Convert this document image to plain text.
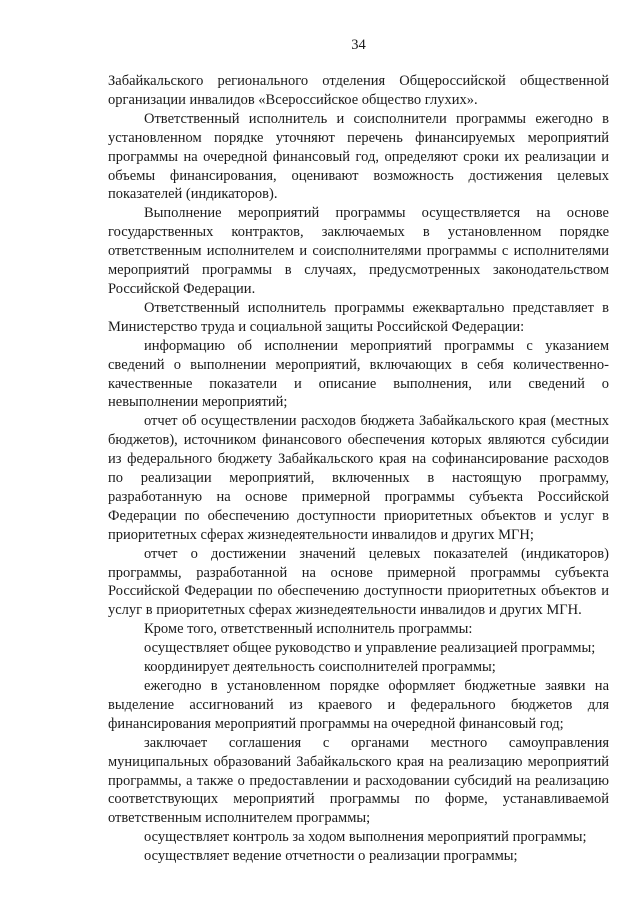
34

Забайкальского регионального отделения Общероссийской общественной организации инвалидов «Всероссийское общество глухих».

Ответственный исполнитель и соисполнители программы ежегодно в установленном порядке уточняют перечень финансируемых мероприятий программы на очередной финансовый год, определяют сроки их реализации и объемы финансирования, оценивают возможность достижения целевых показателей (индикаторов).

Выполнение мероприятий программы осуществляется на основе государственных контрактов, заключаемых в установленном порядке ответственным исполнителем и соисполнителями программы с исполнителями мероприятий программы в случаях, предусмотренных законодательством Российской Федерации.

Ответственный исполнитель программы ежеквартально представляет в Министерство труда и социальной защиты Российской Федерации:

информацию об исполнении мероприятий программы с указанием сведений о выполнении мероприятий, включающих в себя количественно-качественные показатели и описание выполнения, или сведений о невыполнении мероприятий;

отчет об осуществлении расходов бюджета Забайкальского края (местных бюджетов), источником финансового обеспечения которых являются субсидии из федерального бюджету Забайкальского края на софинансирование расходов по реализации мероприятий, включенных в настоящую программу, разработанную на основе примерной программы субъекта Российской Федерации по обеспечению доступности приоритетных объектов и услуг в приоритетных сферах жизнедеятельности инвалидов и других МГН;

отчет о достижении значений целевых показателей (индикаторов) программы, разработанной на основе примерной программы субъекта Российской Федерации по обеспечению доступности приоритетных объектов и услуг в приоритетных сферах жизнедеятельности инвалидов и других МГН.

Кроме того, ответственный исполнитель программы:

осуществляет общее руководство и управление реализацией программы;

координирует деятельность соисполнителей программы;

ежегодно в установленном порядке оформляет бюджетные заявки на выделение ассигнований из краевого и федерального бюджетов для финансирования мероприятий программы на очередной финансовый год;

заключает соглашения с органами местного самоуправления муниципальных образований Забайкальского края на реализацию мероприятий программы, а также о предоставлении и расходовании субсидий на реализацию соответствующих мероприятий программы по форме, устанавливаемой ответственным исполнителем программы;

осуществляет контроль за ходом выполнения мероприятий программы;

осуществляет ведение отчетности о реализации программы;
